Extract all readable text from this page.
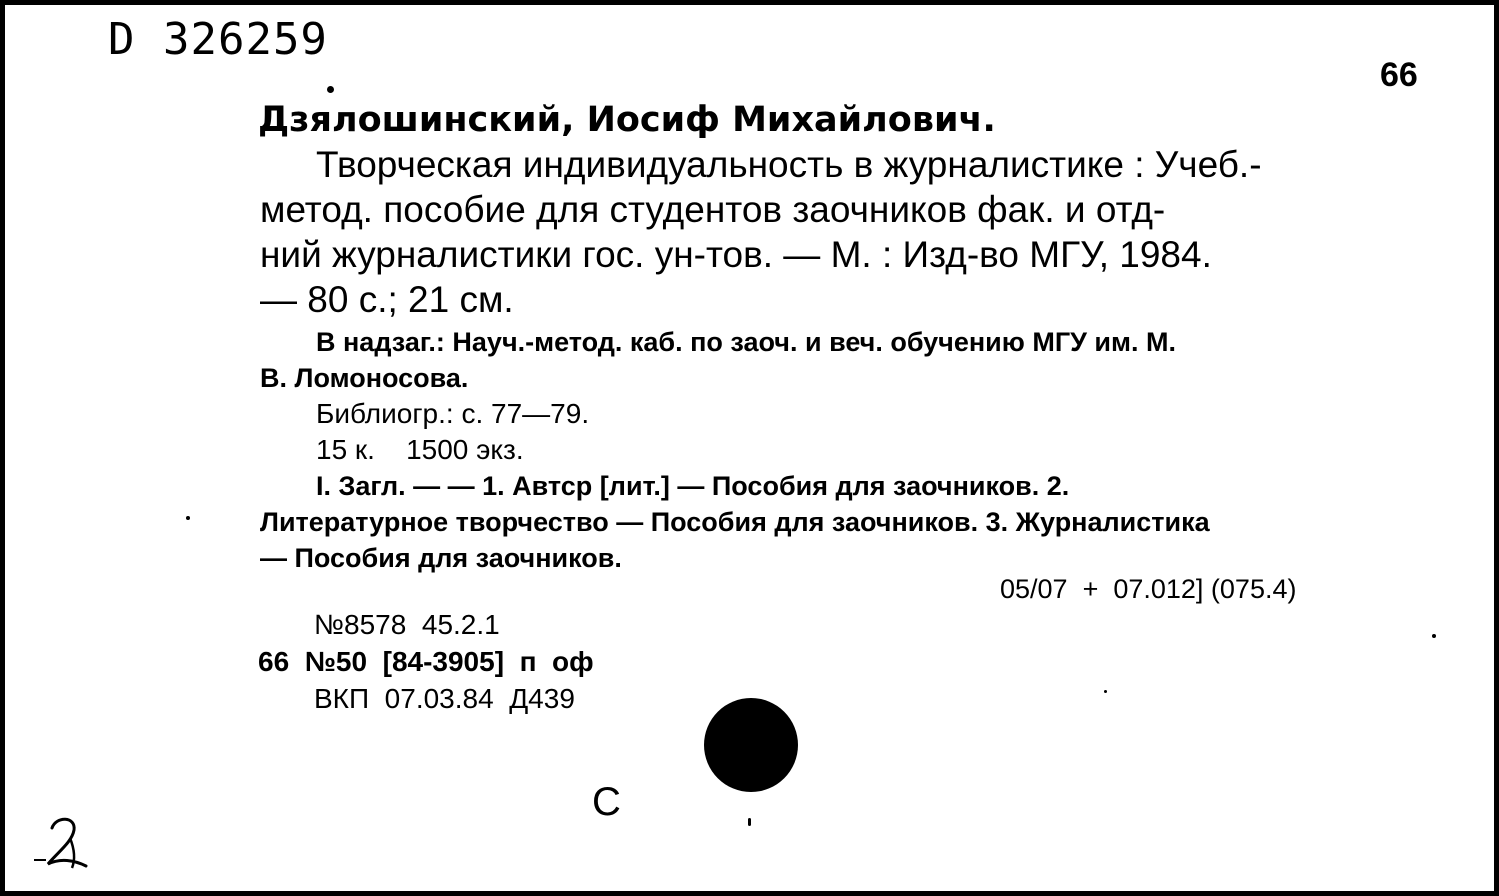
D 326259
66
Дзялошинский, Иосиф Михайлович.
Творческая индивидуальность в журналистике : Учеб.-
метод. пособие для студентов заочников фак. и отд-
ний журналистики гос. ун-тов. — М. : Изд-во МГУ, 1984.
— 80 с.; 21 см.
В надзаг.: Науч.-метод. каб. по заоч. и веч. обучению МГУ им. М.
В. Ломоносова.
Библиогр.: с. 77—79.
15 к.    1500 экз.
I. Загл. — — 1. Автср [лит.] — Пособия для заочников. 2.
Литературное творчество — Пособия для заочников. 3. Журналистика
— Пособия для заочников.
05/07  +  07.012] (075.4)
№8578  45.2.1
66  №50  [84-3905]  п  оф
ВКП  07.03.84  Д439
С
